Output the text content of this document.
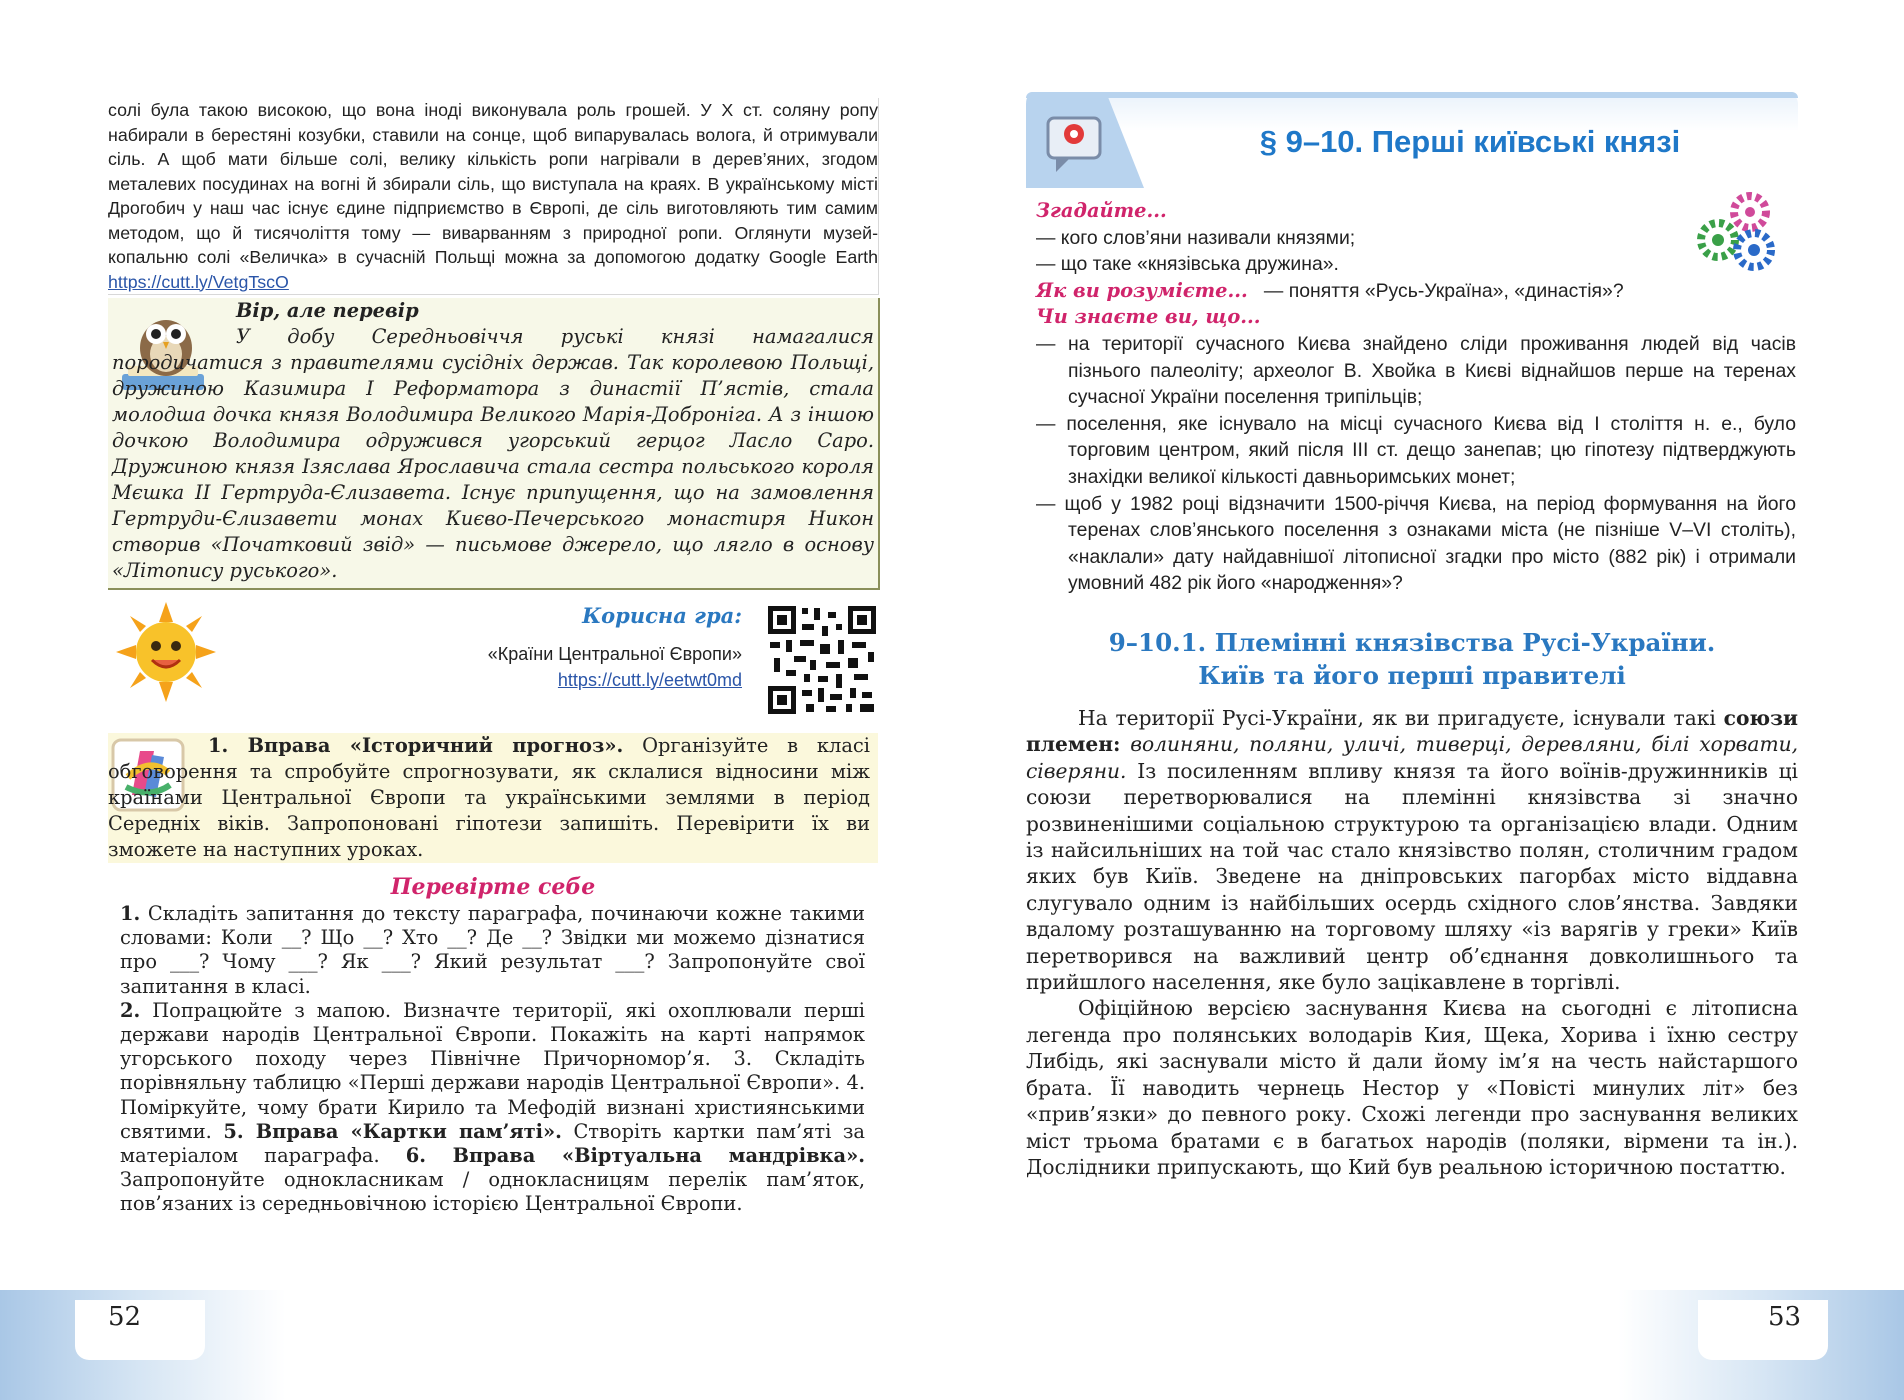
52	53
солі була такою високою, що вона іноді виконувала роль грошей. У X ст. соляну ропу набирали в берестяні козубки, ставили на сонце, щоб випарувалась волога, й отримували сіль. А щоб мати більше солі, велику кількість ропи нагрівали в дерев’яних, згодом металевих посудинах на вогні й збирали сіль, що виступала на краях. В українському місті Дрогобич у наш час існує єдине підприємство в Європі, де сіль виготовляють тим самим методом, що й тисячоліття тому — виварванням з природної ропи. Оглянути музей-копальню солі «Величка» в сучасній Польщі можна за допомогою додатку Google Earth https://cutt.ly/VetgTscO
Вір, але перевір
У добу Середньовіччя руські князі намагалися породичатися з правителями сусідніх держав. Так королевою Польщі, дружиною Казимира I Реформатора з династії П’ястів, стала молодша дочка князя Володимира Великого Марія-Доброніга. А з іншою дочкою Володимира одружився угорський герцог Ласло Саро. Дружиною князя Ізяслава Ярославича стала сестра польського короля Мєшка II Гертруда-Єлизавета. Існує припущення, що на замовлення Гертруди-Єлизавети монах Києво-Печерського монастиря Никон створив «Початковий звід» — письмове джерело, що лягло в основу «Літопису руського».
Корисна гра:
«Країни Центральної Європи»
https://cutt.ly/eetwt0md
1. Вправа «Історичний прогноз». Організуйте в класі обговорення та спробуйте спрогнозувати, як склалися відносини між країнами Центральної Європи та українськими землями в період Середніх віків. Запропоновані гіпотези запишіть. Перевірити їх ви зможете на наступних уроках.
Перевірте себе
1. Складіть запитання до тексту параграфа, починаючи кожне такими словами: Коли __? Що __? Хто __? Де __? Звідки ми можемо дізнатися про ___? Чому ___? Як ___? Який результат ___? Запропонуйте свої запитання в класі.
2. Попрацюйте з мапою. Визначте території, які охоплювали перші держави народів Центральної Європи. Покажіть на карті напрямок угорського походу через Північне Причорномор’я. 3. Складіть порівняльну таблицю «Перші держави народів Центральної Європи». 4. Поміркуйте, чому брати Кирило та Мефодій визнані християнськими святими. 5. Вправа «Картки пам’яті». Створіть картки пам’яті за матеріалом параграфа. 6. Вправа «Віртуальна мандрівка». Запропонуйте однокласникам / однокласницям перелік пам’яток, пов’язаних із середньовічною історією Центральної Європи.
§ 9–10. Перші київські князі
Згадайте...
— кого слов’яни називали князями;
— що таке «князівська дружина».
Як ви розумієте... — поняття «Русь-Україна», «династія»?
Чи знаєте ви, що...
— на території сучасного Києва знайдено сліди проживання людей від часів пізнього палеоліту; археолог В. Хвойка в Києві віднайшов перше на теренах сучасної України поселення трипільців;
— поселення, яке існувало на місці сучасного Києва від I століття н. е., було торговим центром, який після III ст. дещо занепав; цю гіпотезу підтверджують знахідки великої кількості давньоримських монет;
— щоб у 1982 році відзначити 1500-річчя Києва, на період формування на його теренах слов’янського поселення з ознаками міста (не пізніше V–VI століть), «наклали» дату найдавнішої літописної згадки про місто (882 рік) і отримали умовний 482 рік його «народження»?
9–10.1. Племінні князівства Русі-України.
Київ та його перші правителі

На території Русі-України, як ви пригадуєте, існували такі союзи племен: волиняни, поляни, уличі, тиверці, деревляни, білі хорвати, сіверяни. Із посиленням впливу князя та його воїнів-дружинників ці союзи перетворювалися на племінні князівства зі значно розвиненішими соціальною структурою та організацією влади. Одним із найсильніших на той час стало князівство полян, столичним градом яких був Київ. Зведене на дніпровських пагорбах місто віддавна слугувало одним із найбільших осердь східного слов’янства. Завдяки вдалому розташуванню на торговому шляху «із варягів у греки» Київ перетворився на важливий центр об’єднання довколишнього та прийшлого населення, яке було зацікавлене в торгівлі.

Офіційною версією заснування Києва на сьогодні є літописна легенда про полянських володарів Кия, Щека, Хорива і їхню сестру Либідь, які заснували місто й дали йому ім’я на честь найстаршого брата. Її наводить чернець Нестор у «Повісті минулих літ» без «прив’язки» до певного року. Схожі легенди про заснування великих міст трьома братами є в багатьох народів (поляки, вірмени та ін.). Дослідники припускають, що Кий був реальною історичною постаттю.
